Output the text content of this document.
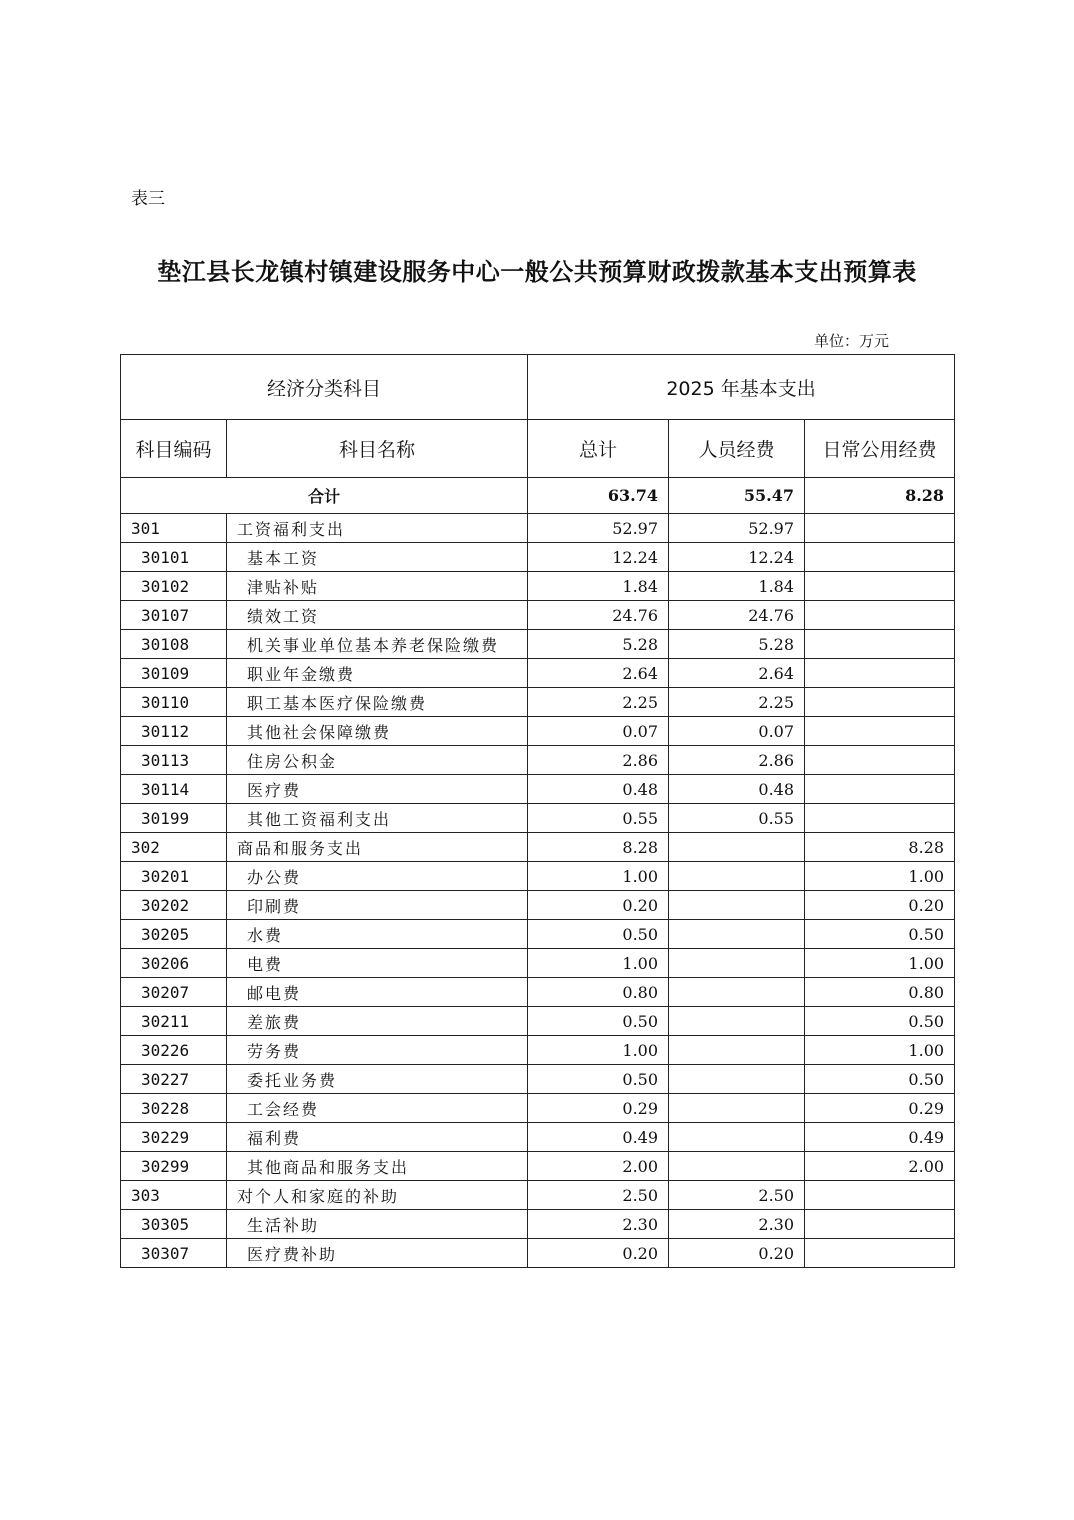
表三
垫江县长龙镇村镇建设服务中心一般公共预算财政拨款基本支出预算表
单位：万元
经济分类科目		2025 年基本支出		
科目编码	科目名称	总计	人员经费	日常公用经费
合计		63.74	55.47	8.28
301	工资福利支出	52.97	52.97	
30101	基本工资	12.24	12.24	
30102	津贴补贴	1.84	1.84	
30107	绩效工资	24.76	24.76	
30108	机关事业单位基本养老保险缴费	5.28	5.28	
30109	职业年金缴费	2.64	2.64	
30110	职工基本医疗保险缴费	2.25	2.25	
30112	其他社会保障缴费	0.07	0.07	
30113	住房公积金	2.86	2.86	
30114	医疗费	0.48	0.48	
30199	其他工资福利支出	0.55	0.55	
302	商品和服务支出	8.28		8.28
30201	办公费	1.00		1.00
30202	印刷费	0.20		0.20
30205	水费	0.50		0.50
30206	电费	1.00		1.00
30207	邮电费	0.80		0.80
30211	差旅费	0.50		0.50
30226	劳务费	1.00		1.00
30227	委托业务费	0.50		0.50
30228	工会经费	0.29		0.29
30229	福利费	0.49		0.49
30299	其他商品和服务支出	2.00		2.00
303	对个人和家庭的补助	2.50	2.50	
30305	生活补助	2.30	2.30	
30307	医疗费补助	0.20	0.20	
